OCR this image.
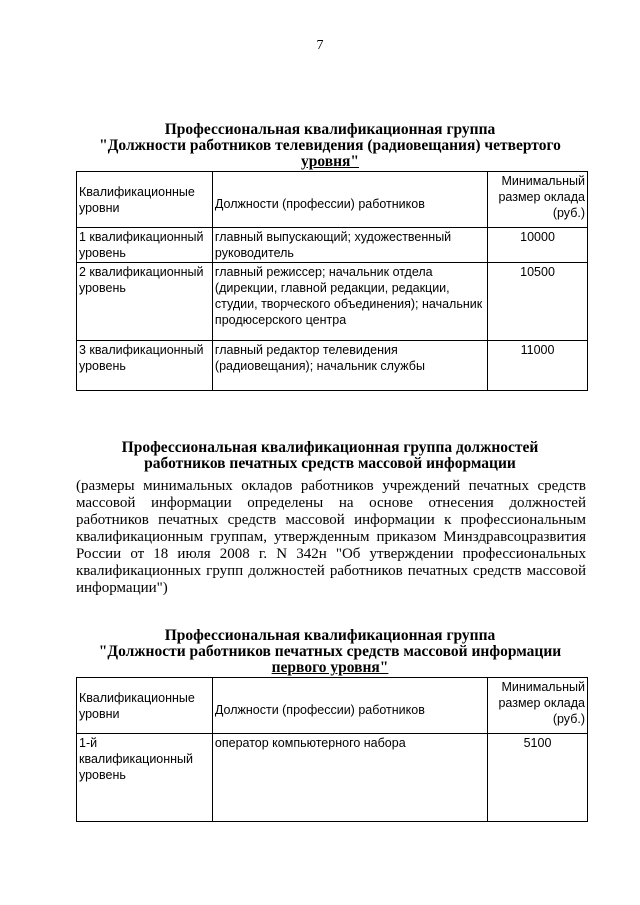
7
Профессиональная квалификационная группа
"Должности работников телевидения (радиовещания) четвертого
уровня"
Квалификационные уровни	Должности (профессии) работников	Минимальный размер оклада (руб.)
1 квалификационный уровень	главный выпускающий; художественный руководитель	10000
2 квалификационный уровень	главный режиссер; начальник отдела (дирекции, главной редакции, редакции, студии, творческого объединения); начальник продюсерского центра	10500
3 квалификационный уровень	главный редактор телевидения (радиовещания); начальник службы	11000
Профессиональная квалификационная группа должностей
работников печатных средств массовой информации
(размеры минимальных окладов работников учреждений печатных средств массовой информации определены на основе отнесения должностей работников печатных средств массовой информации к профессиональным квалификационным группам, утвержденным приказом Минздравсоцразвития России от 18 июля 2008 г. N 342н "Об утверждении профессиональных квалификационных групп должностей работников печатных средств массовой информации")
Профессиональная квалификационная группа
"Должности работников печатных средств массовой информации
первого уровня"
Квалификационные уровни	Должности (профессии) работников	Минимальный размер оклада (руб.)
1-й квалификационный уровень	оператор компьютерного набора	5100
